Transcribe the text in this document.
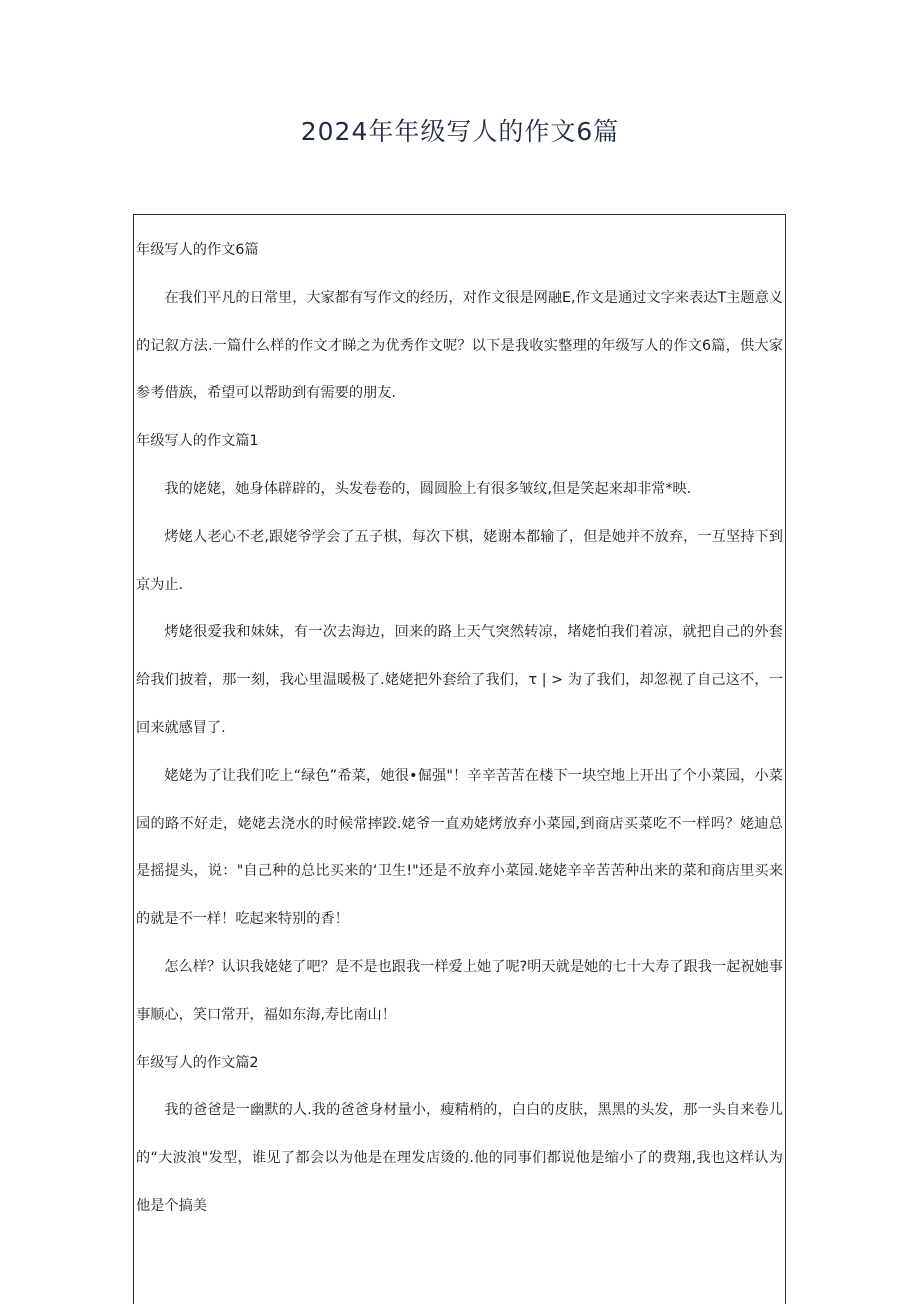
2024年年级写人的作文6篇

年级写人的作文6篇

在我们平凡的日常里，大家都有写作文的经历，对作文很是网融E,作文是通过文字来表达T主题意义的记叙方法.一篇什么样的作文才睇之为优秀作文呢？以下是我收实整理的年级写人的作文6篇，供大家参考借族，希望可以帮助到有需要的朋友.

年级写人的作文篇1

我的姥姥，她身体辟辟的，头发卷卷的，圆圆脸上有很多皱纹,但是笑起来却非常*映.

烤姥人老心不老,跟姥爷学会了五子棋，每次下棋，姥谢本都输了，但是她并不放弃，一互坚持下到京为止.

烤姥很爱我和妹妹，有一次去海边，回来的路上天气突然转凉，堵姥怕我们着凉，就把自己的外套给我们披着，那一刻，我心里温暖极了.姥姥把外套给了我们，τ | > 为了我们，却忽视了自己这不，一回来就感冒了.

姥姥为了让我们吃上“绿色”希菜，她很•倔强"！辛辛苦苦在楼下一块空地上开出了个小菜园，小菜园的路不好走，姥姥去浇水的时候常摔跤.姥爷一直劝姥烤放弃小菜园,到商店买菜吃不一样吗？姥迪总是摇提头，说："自己种的总比买来的‘卫生!"还是不放弃小菜园.姥姥辛辛苦苦种出来的菜和商店里买来的就是不一样！吃起来特别的香！

怎么样？认识我姥姥了吧？是不是也跟我一样爱上她了呢?明天就是她的七十大寿了跟我一起祝她事事顺心，笑口常开，福如东海,寿比南山！

年级写人的作文篇2

我的爸爸是一幽默的人.我的爸爸身材量小，瘦精梢的，白白的皮肤，黑黑的头发，那一头自来卷儿的“大波浪"发型，谁见了都会以为他是在理发店烫的.他的同事们都说他是缩小了的费翔,我也这样认为他是个搞美
